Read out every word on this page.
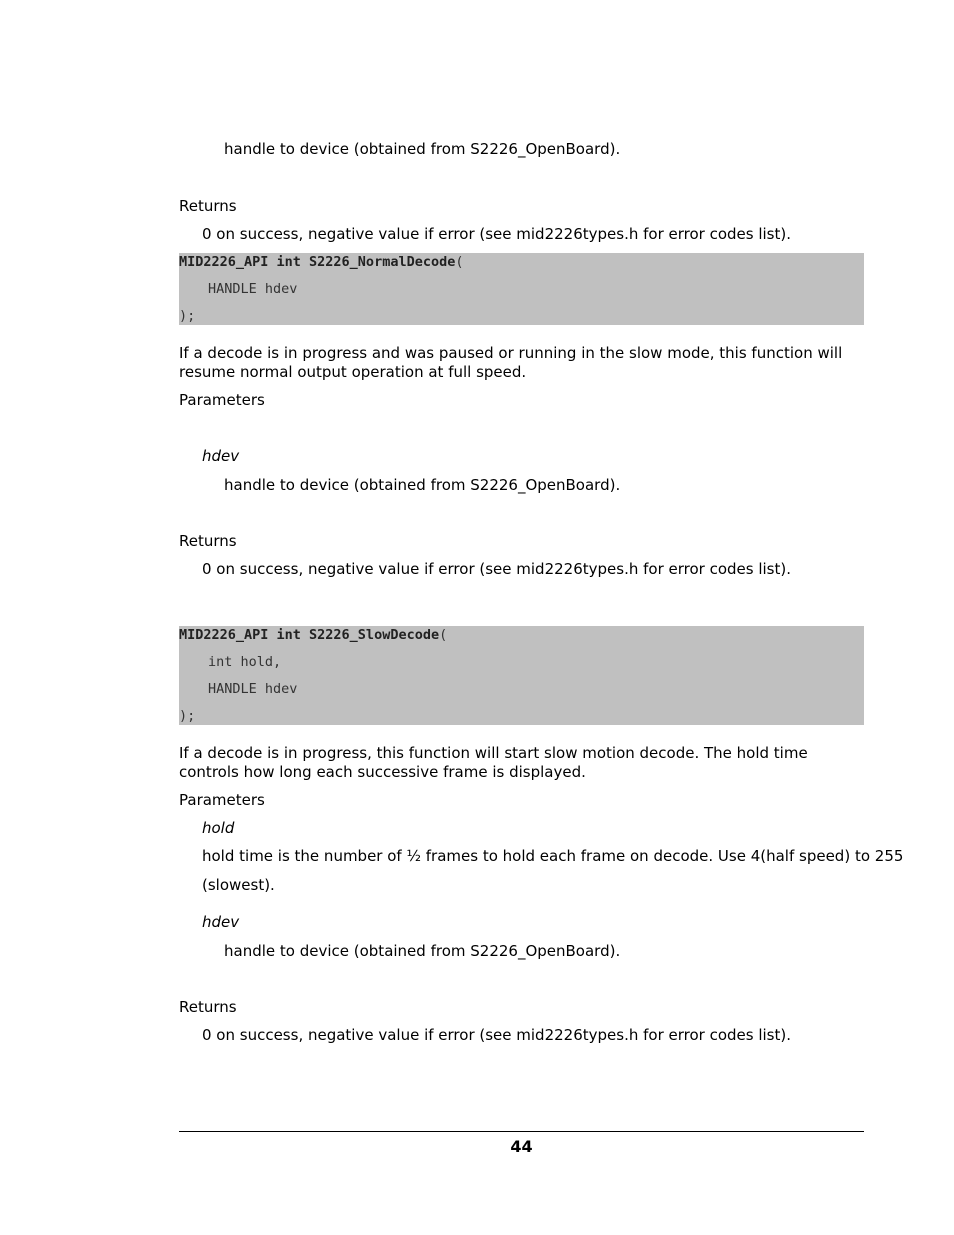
handle to device (obtained from S2226_OpenBoard).
Returns
0 on success, negative value if error (see mid2226types.h for error codes list).
MID2226_API int S2226_NormalDecode(
HANDLE hdev
);
If a decode is in progress and was paused or running in the slow mode, this function will resume normal output operation at full speed.
Parameters
hdev
handle to device (obtained from S2226_OpenBoard).
Returns
0 on success, negative value if error (see mid2226types.h for error codes list).
MID2226_API int S2226_SlowDecode(
int hold,
HANDLE hdev
);
If a decode is in progress, this function will start slow motion decode. The hold time controls how long each successive frame is displayed.
Parameters
hold
hold time is the number of ½ frames to hold each frame on decode. Use 4(half speed) to 255
(slowest).
hdev
handle to device (obtained from S2226_OpenBoard).
Returns
0 on success, negative value if error (see mid2226types.h for error codes list).
44
